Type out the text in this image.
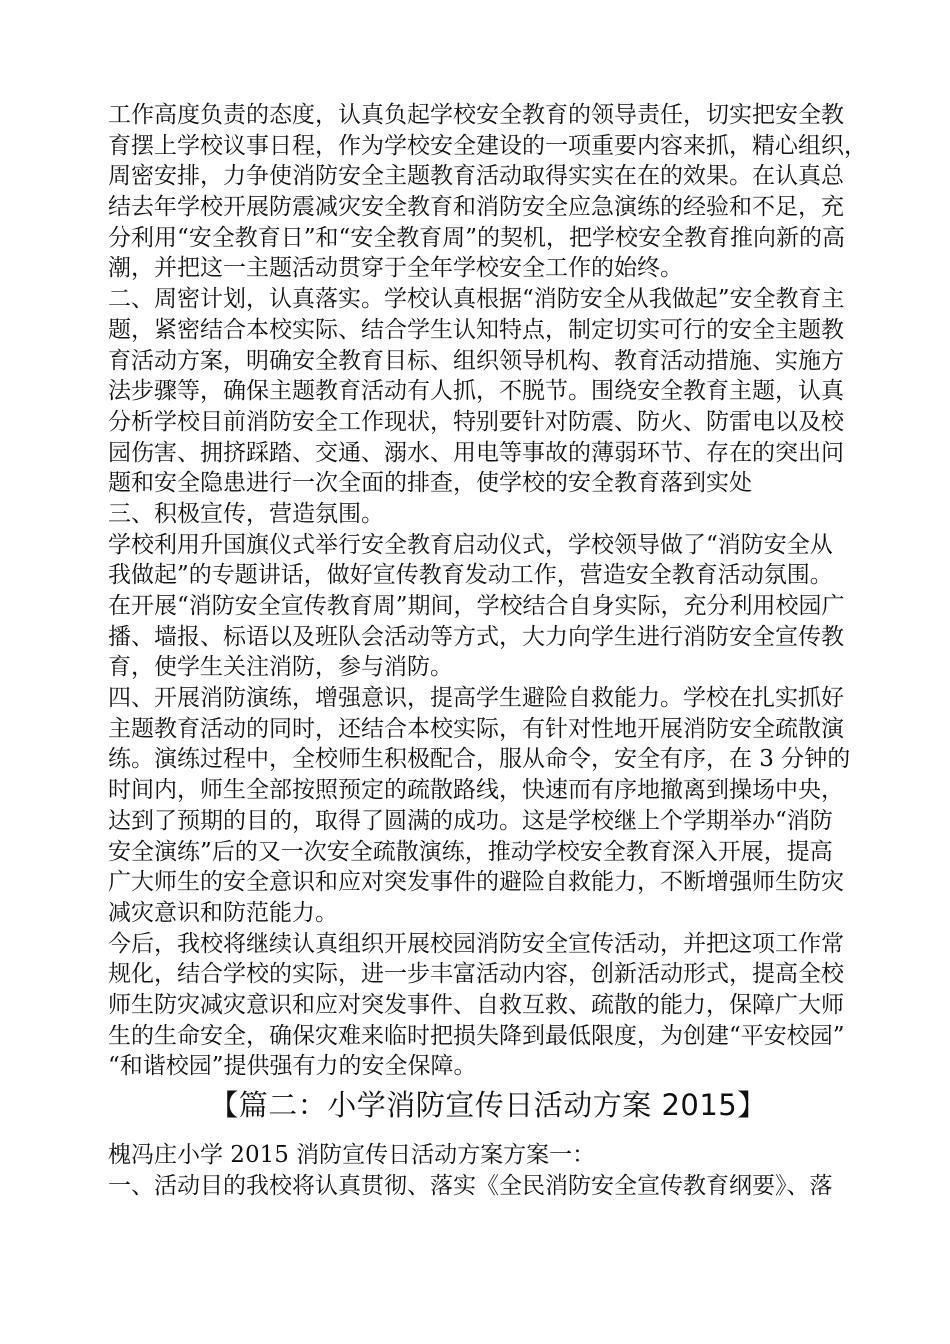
工作高度负责的态度，认真负起学校安全教育的领导责任，切实把安全教
育摆上学校议事日程，作为学校安全建设的一项重要内容来抓，精心组织，
周密安排，力争使消防安全主题教育活动取得实实在在的效果。在认真总
结去年学校开展防震减灾安全教育和消防安全应急演练的经验和不足，充
分利用“安全教育日”和“安全教育周”的契机，把学校安全教育推向新的高
潮，并把这一主题活动贯穿于全年学校安全工作的始终。
二、周密计划，认真落实。学校认真根据“消防安全从我做起”安全教育主
题，紧密结合本校实际、结合学生认知特点，制定切实可行的安全主题教
育活动方案，明确安全教育目标、组织领导机构、教育活动措施、实施方
法步骤等，确保主题教育活动有人抓，不脱节。围绕安全教育主题，认真
分析学校目前消防安全工作现状，特别要针对防震、防火、防雷电以及校
园伤害、拥挤踩踏、交通、溺水、用电等事故的薄弱环节、存在的突出问
题和安全隐患进行一次全面的排查，使学校的安全教育落到实处
三、积极宣传，营造氛围。
学校利用升国旗仪式举行安全教育启动仪式，学校领导做了“消防安全从
我做起”的专题讲话，做好宣传教育发动工作，营造安全教育活动氛围。
在开展“消防安全宣传教育周”期间，学校结合自身实际，充分利用校园广
播、墙报、标语以及班队会活动等方式，大力向学生进行消防安全宣传教
育，使学生关注消防，参与消防。
四、开展消防演练，增强意识，提高学生避险自救能力。学校在扎实抓好
主题教育活动的同时，还结合本校实际，有针对性地开展消防安全疏散演
练。演练过程中，全校师生积极配合，服从命令，安全有序，在 3 分钟的
时间内，师生全部按照预定的疏散路线，快速而有序地撤离到操场中央，
达到了预期的目的，取得了圆满的成功。这是学校继上个学期举办“消防
安全演练”后的又一次安全疏散演练，推动学校安全教育深入开展，提高
广大师生的安全意识和应对突发事件的避险自救能力，不断增强师生防灾
减灾意识和防范能力。
今后，我校将继续认真组织开展校园消防安全宣传活动，并把这项工作常
规化，结合学校的实际，进一步丰富活动内容，创新活动形式，提高全校
师生防灾减灾意识和应对突发事件、自救互救、疏散的能力，保障广大师
生的生命安全，确保灾难来临时把损失降到最低限度，为创建“平安校园”
“和谐校园”提供强有力的安全保障。
【篇二：小学消防宣传日活动方案 2015】
槐冯庄小学 2015 消防宣传日活动方案方案一：
一、活动目的我校将认真贯彻、落实《全民消防安全宣传教育纲要》、落
